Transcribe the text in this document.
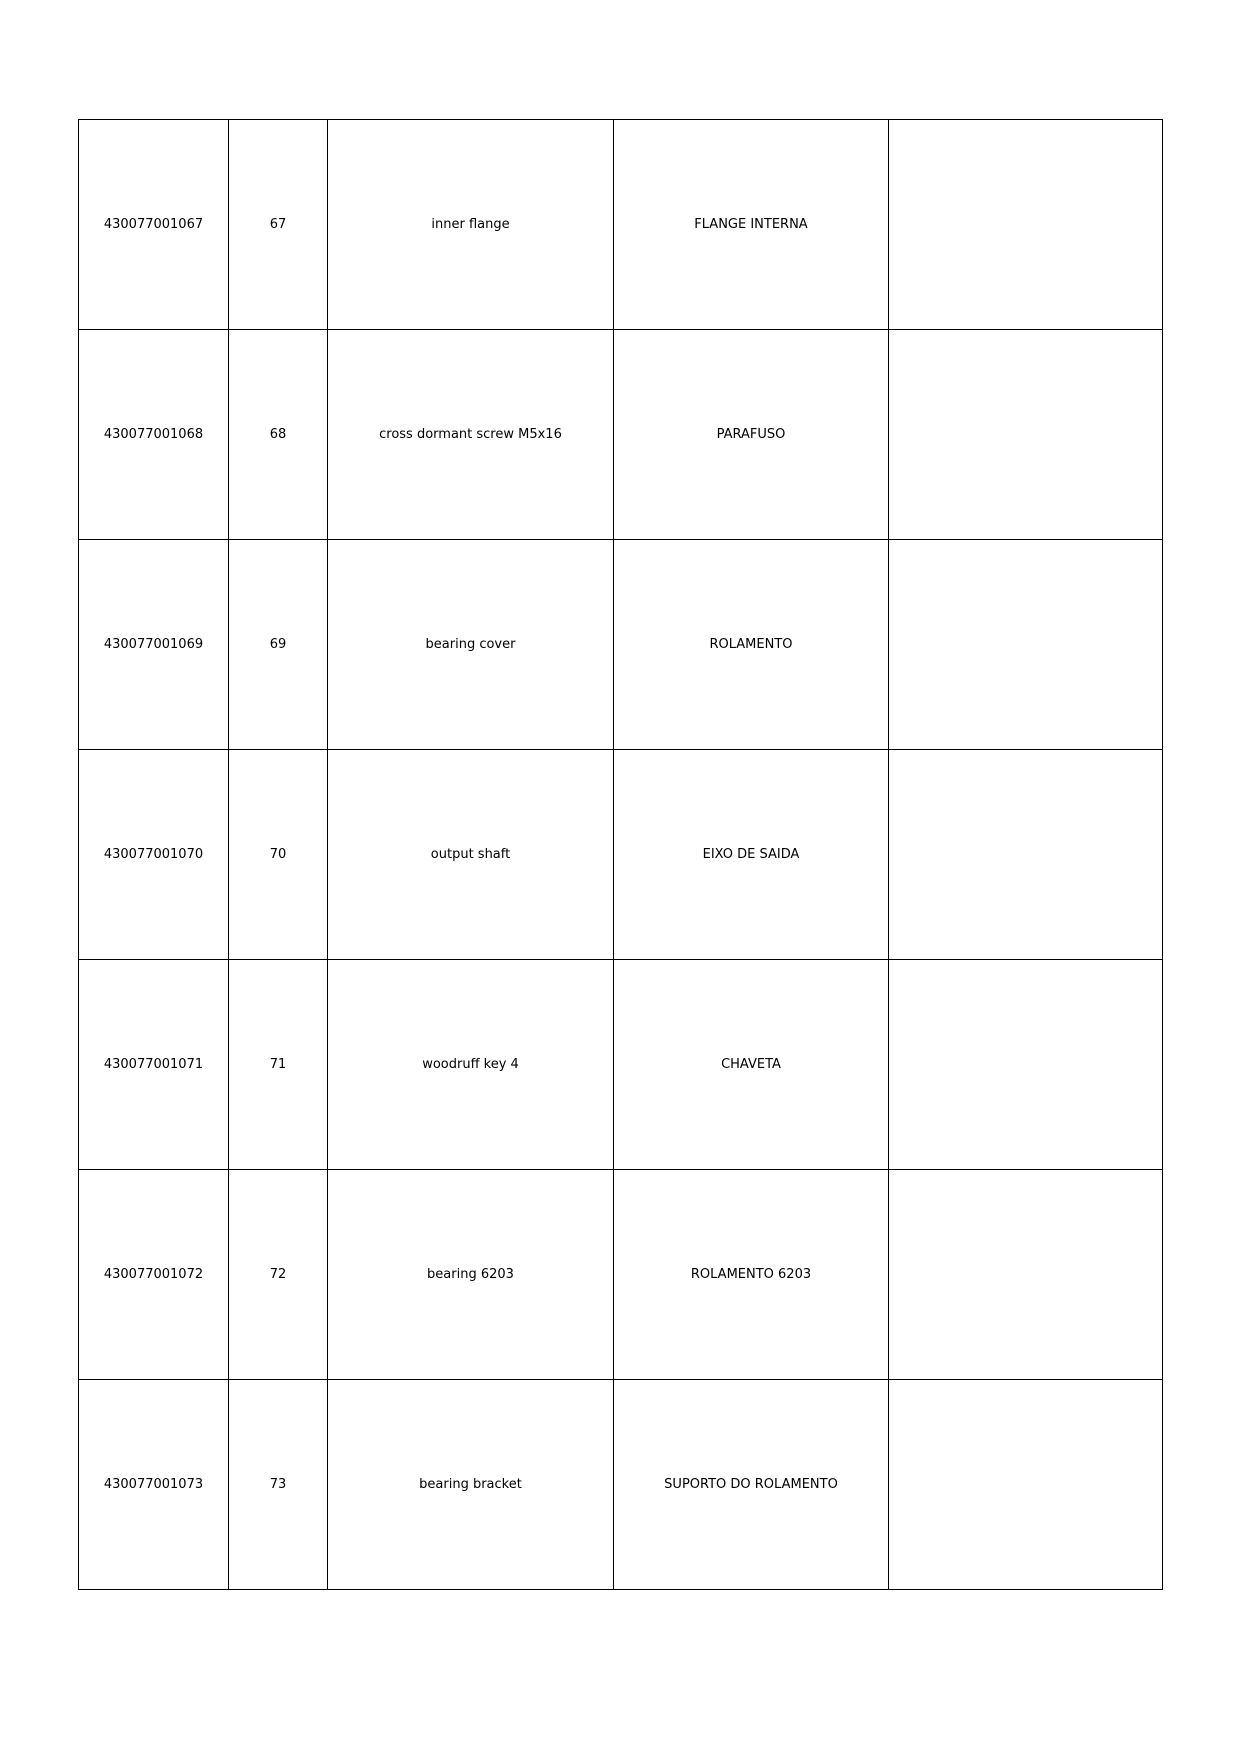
430077001067	67	inner flange	FLANGE INTERNA	
430077001068	68	cross dormant screw M5x16	PARAFUSO	
430077001069	69	bearing cover	ROLAMENTO	
430077001070	70	output shaft	EIXO DE SAIDA	
430077001071	71	woodruff key 4	CHAVETA	
430077001072	72	bearing 6203	ROLAMENTO 6203	
430077001073	73	bearing bracket	SUPORTO DO ROLAMENTO	
